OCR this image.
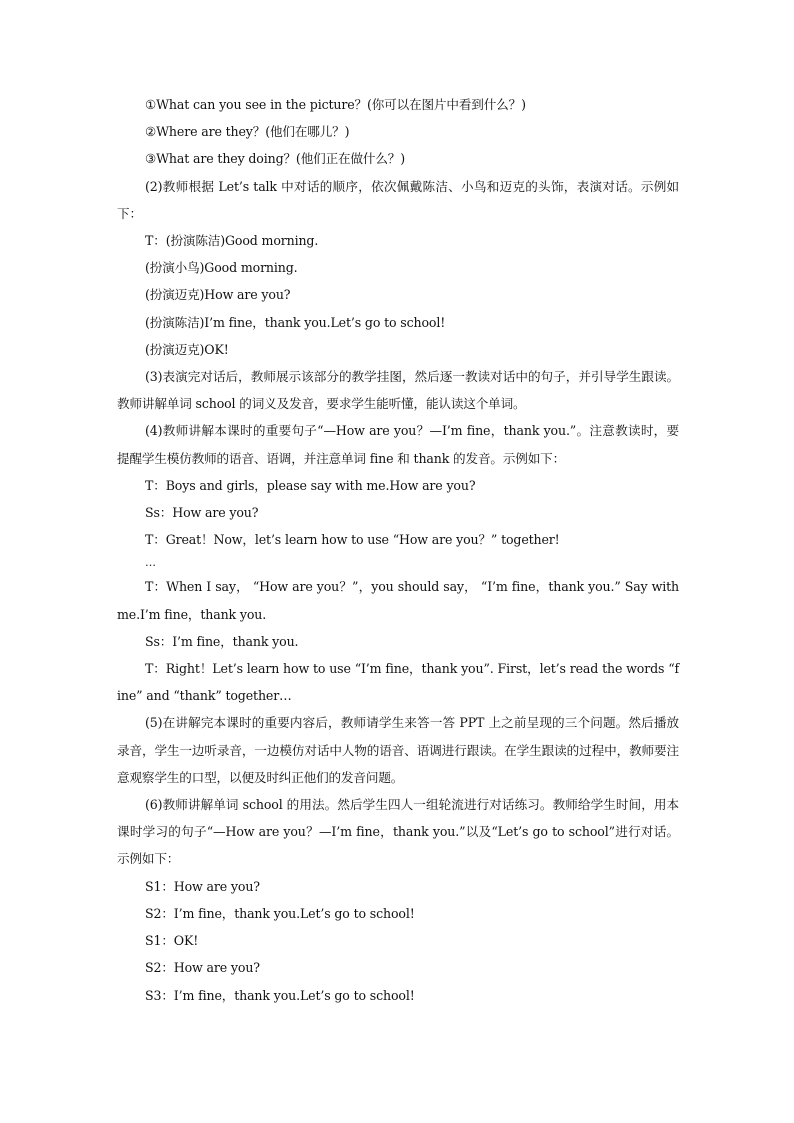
①What can you see in the picture？(你可以在图片中看到什么？)

②Where are they？(他们在哪儿？)

③What are they doing？(他们正在做什么？)

(2)教师根据 Let’s talk 中对话的顺序，依次佩戴陈洁、小鸟和迈克的头饰，表演对话。示例如下：

T：(扮演陈洁)Good morning.

(扮演小鸟)Good morning.

(扮演迈克)How are you?

(扮演陈洁)I’m fine，thank you.Let’s go to school!

(扮演迈克)OK!

(3)表演完对话后，教师展示该部分的教学挂图，然后逐一教读对话中的句子，并引导学生跟读。教师讲解单词 school 的词义及发音，要求学生能听懂，能认读这个单词。

(4)教师讲解本课时的重要句子“—How are you？—I’m fine，thank you.”。注意教读时，要提醒学生模仿教师的语音、语调，并注意单词 fine 和 thank 的发音。示例如下：

T：Boys and girls，please say with me.How are you?

Ss：How are you?

T：Great！Now，let’s learn how to use “How are you？” together!

…

T：When I say， “How are you？”，you should say， “I’m fine，thank you.” Say with me.I’m fine，thank you.

Ss：I’m fine，thank you.

T：Right！Let’s learn how to use “I’m fine，thank you”. First，let’s read the words “fine” and “thank” together…

(5)在讲解完本课时的重要内容后，教师请学生来答一答 PPT 上之前呈现的三个问题。然后播放录音，学生一边听录音，一边模仿对话中人物的语音、语调进行跟读。在学生跟读的过程中，教师要注意观察学生的口型，以便及时纠正他们的发音问题。

(6)教师讲解单词 school 的用法。然后学生四人一组轮流进行对话练习。教师给学生时间，用本课时学习的句子“—How are you？—I’m fine，thank you.”以及“Let’s go to school”进行对话。示例如下：

S1：How are you?

S2：I’m fine，thank you.Let’s go to school!

S1：OK!

S2：How are you?

S3：I’m fine，thank you.Let’s go to school!
